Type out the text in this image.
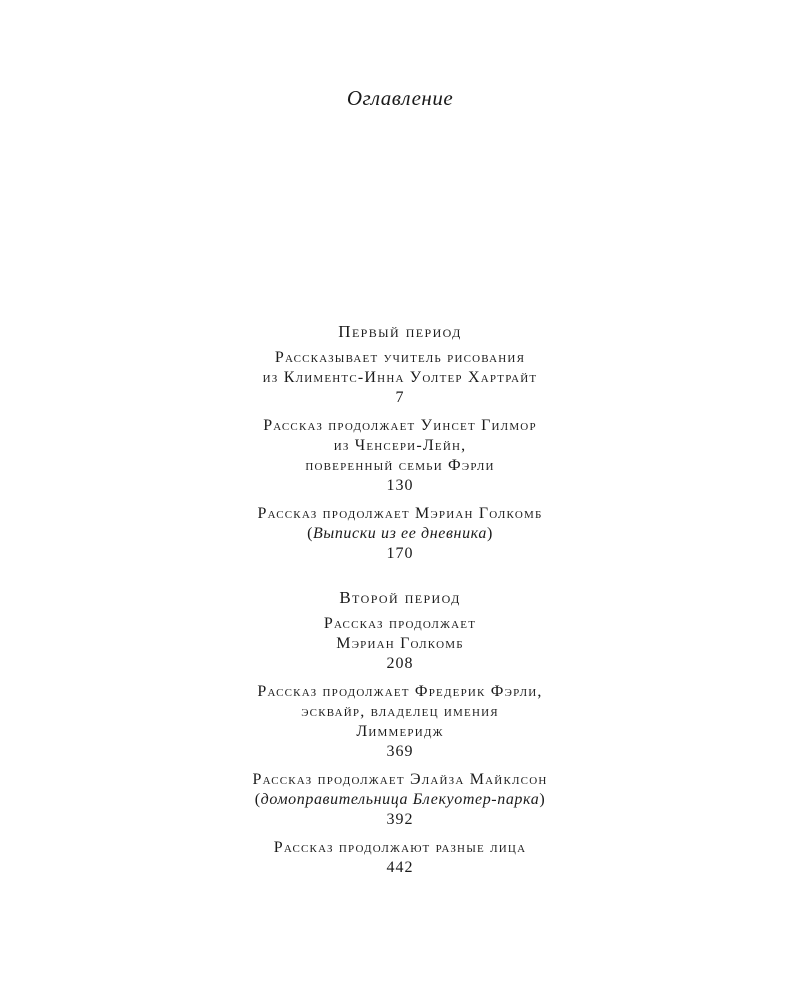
Оглавление
Первый период
Рассказывает учитель рисования
из Климентс-Инна Уолтер Хартрайт
7
Рассказ продолжает Уинсет Гилмор
из Ченсери-Лейн,
поверенный семьи Фэрли
130
Рассказ продолжает Мэриан Голкомб
(Выписки из ее дневника)
170
Второй период
Рассказ продолжает
Мэриан Голкомб
208
Рассказ продолжает Фредерик Фэрли,
эсквайр, владелец имения
Лиммеридж
369
Рассказ продолжает Элайза Майклсон
(домоправительница Блекуотер-парка)
392
Рассказ продолжают разные лица
442
